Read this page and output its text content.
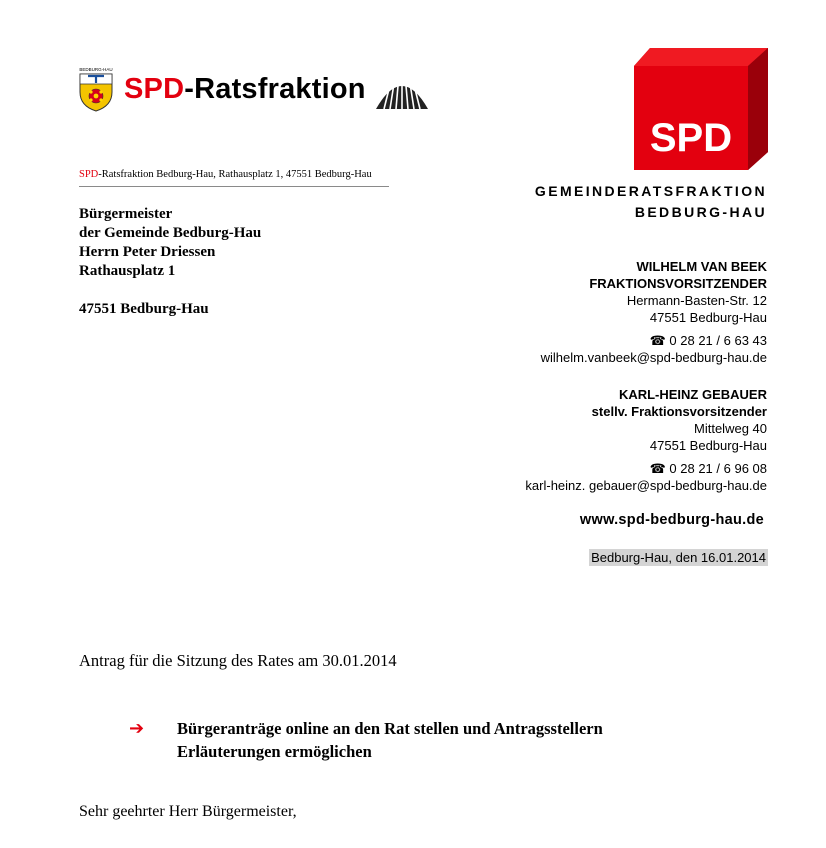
BEDBURG-HAU
SPD-Ratsfraktion
SPD-Ratsfraktion Bedburg-Hau, Rathausplatz 1, 47551 Bedburg-Hau
Bürgermeister
der Gemeinde Bedburg-Hau
Herrn Peter Driessen
Rathausplatz 1
47551 Bedburg-Hau
SPD
GEMEINDERATSFRAKTION
BEDBURG-HAU
WILHELM VAN BEEK
FRAKTIONSVORSITZENDER
Hermann-Basten-Str. 12
47551 Bedburg-Hau
☎ 0 28 21 / 6 63 43
wilhelm.vanbeek@spd-bedburg-hau.de
KARL-HEINZ GEBAUER
stellv. Fraktionsvorsitzender
Mittelweg 40
47551 Bedburg-Hau
☎ 0 28 21 / 6 96 08
karl-heinz. gebauer@spd-bedburg-hau.de
www.spd-bedburg-hau.de
Bedburg-Hau, den 16.01.2014
Antrag für die Sitzung des Rates am 30.01.2014
➔ Bürgeranträge online an den Rat stellen und Antragsstellern
Erläuterungen ermöglichen
Sehr geehrter Herr Bürgermeister,
